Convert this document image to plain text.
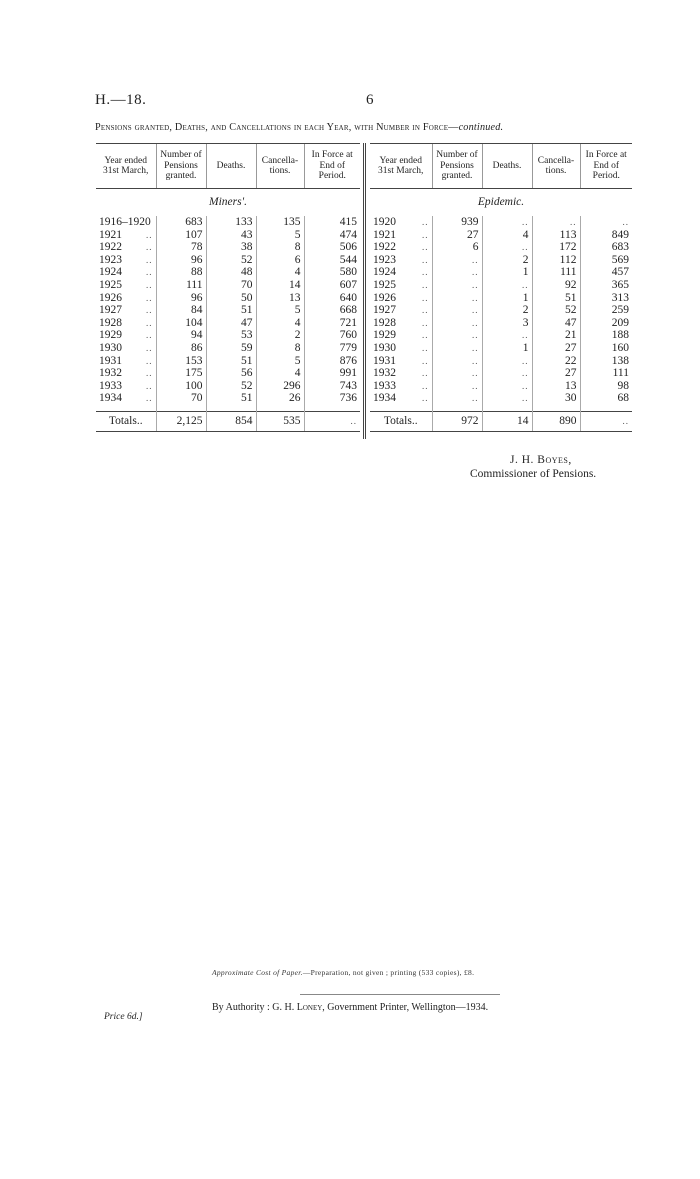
H.—18.	6
Pensions granted, Deaths, and Cancellations in each Year, with Number in Force—continued.
Year ended 31st March,	Number of Pensions granted.	Deaths.	Cancella-tions.	In Force at End of Period.
Miners'.				
1916–1920	683	133	135	415
1921 ..	107	43	5	474
1922 ..	78	38	8	506
1923 ..	96	52	6	544
1924 ..	88	48	4	580
1925 ..	111	70	14	607
1926 ..	96	50	13	640
1927 ..	84	51	5	668
1928 ..	104	47	4	721
1929 ..	94	53	2	760
1930 ..	86	59	8	779
1931 ..	153	51	5	876
1932 ..	175	56	4	991
1933 ..	100	52	296	743
1934 ..	70	51	26	736

Totals..	2,125	854	535	..
Year ended 31st March,	Number of Pensions granted.	Deaths.	Cancella-tions.	In Force at End of Period.
Epidemic.				
1920 ..	939	..	..	..
1921 ..	27	4	113	849
1922 ..	6	..	172	683
1923 ..	..	2	112	569
1924 ..	..	1	111	457
1925 ..	..	..	92	365
1926 ..	..	1	51	313
1927 ..	..	2	52	259
1928 ..	..	3	47	209
1929 ..	..	..	21	188
1930 ..	..	1	27	160
1931 ..	..	..	22	138
1932 ..	..	..	27	111
1933 ..	..	..	13	98
1934 ..	..	..	30	68

Totals..	972	14	890	..
J. H. Boyes,
Commissioner of Pensions.
Approximate Cost of Paper.—Preparation, not given ; printing (533 copies), £8.
By Authority : G. H. Loney, Government Printer, Wellington—1934.
Price 6d.]
